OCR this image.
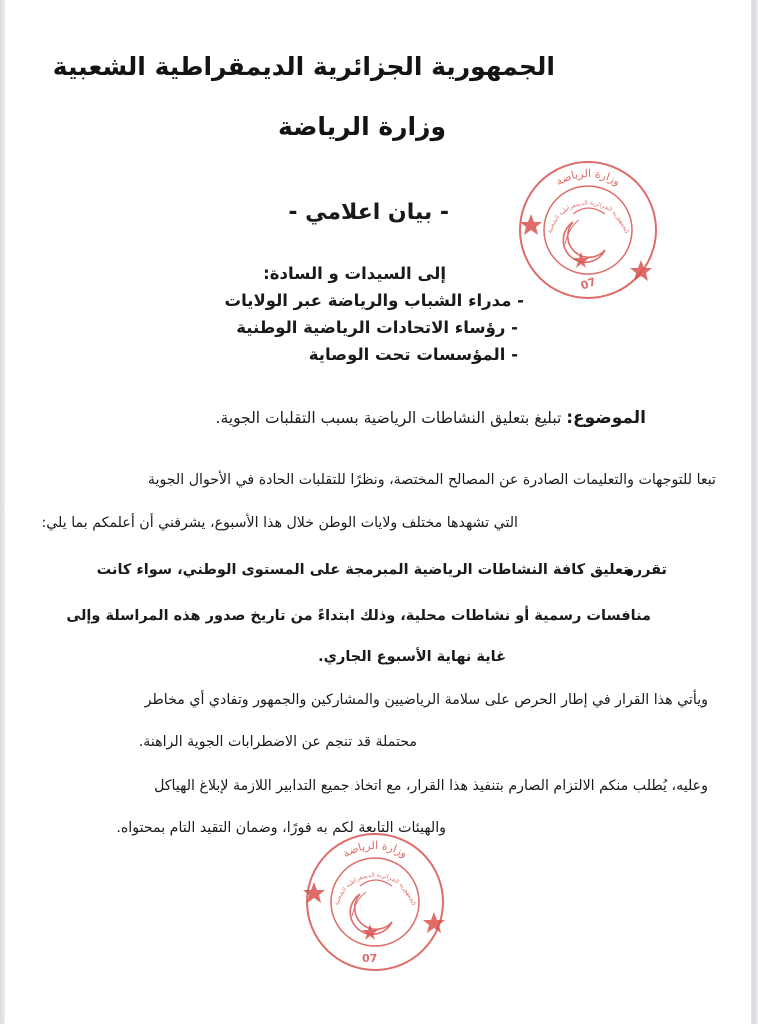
الجمهورية الجزائرية الديمقراطية الشعبية
وزارة الرياضة
- بيان اعلامي -
إلى السيدات و السادة:
- مدراء الشباب والرياضة عبر الولايات
- رؤساء الاتحادات الرياضية الوطنية
- المؤسسات تحت الوصاية
الموضوع: تبليغ بتعليق النشاطات الرياضية بسبب التقلبات الجوية.
تبعا للتوجهات والتعليمات الصادرة عن المصالح المختصة، ونظرًا للتقلبات الحادة في الأحوال الجوية
التي تشهدها مختلف ولايات الوطن خلال هذا الأسبوع، يشرفني أن أعلمكم بما يلي:
تقرر تعليق كافة النشاطات الرياضية المبرمجة على المستوى الوطني، سواء كانت
منافسات رسمية أو نشاطات محلية، وذلك ابتداءً من تاريخ صدور هذه المراسلة وإلى
غاية نهاية الأسبوع الجاري.
ويأتي هذا القرار في إطار الحرص على سلامة الرياضيين والمشاركين والجمهور وتفادي أي مخاطر
محتملة قد تنجم عن الاضطرابات الجوية الراهنة.
وعليه، يُطلب منكم الالتزام الصارم بتنفيذ هذا القرار، مع اتخاذ جميع التدابير اللازمة لإبلاغ الهياكل
والهيئات التابعة لكم به فورًا، وضمان التقيد التام بمحتواه.
وزارة الرياضة
الجمهورية الجزائرية الديمقراطية الشعبية
07
وزارة الرياضة
الجمهورية الجزائرية الديمقراطية الشعبية
07
